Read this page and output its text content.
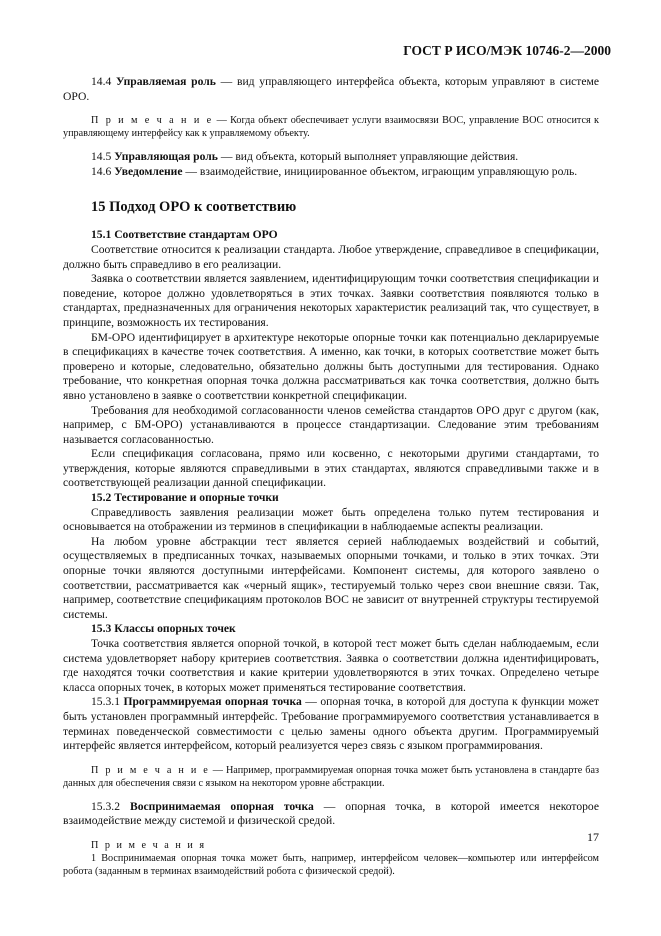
ГОСТ Р ИСО/МЭК 10746-2—2000

14.4 Управляемая роль — вид управляющего интерфейса объекта, которым управляют в системе ОРО.

П р и м е ч а н и е — Когда объект обеспечивает услуги взаимосвязи ВОС, управление ВОС относится к управляющему интерфейсу как к управляемому объекту.

14.5 Управляющая роль — вид объекта, который выполняет управляющие действия.

14.6 Уведомление — взаимодействие, инициированное объектом, играющим управляющую роль.

15 Подход ОРО к соответствию

15.1 Соответствие стандартам ОРО

Соответствие относится к реализации стандарта. Любое утверждение, справедливое в спецификации, должно быть справедливо в его реализации.

Заявка о соответствии является заявлением, идентифицирующим точки соответствия спецификации и поведение, которое должно удовлетворяться в этих точках. Заявки соответствия появляются только в стандартах, предназначенных для ограничения некоторых характеристик реализаций так, что существует, в принципе, возможность их тестирования.

БМ-ОРО идентифицирует в архитектуре некоторые опорные точки как потенциально декларируемые в спецификациях в качестве точек соответствия. А именно, как точки, в которых соответствие может быть проверено и которые, следовательно, обязательно должны быть доступными для тестирования. Однако требование, что конкретная опорная точка должна рассматриваться как точка соответствия, должно быть явно установлено в заявке о соответствии конкретной спецификации.

Требования для необходимой согласованности членов семейства стандартов ОРО друг с другом (как, например, с БМ-ОРО) устанавливаются в процессе стандартизации. Следование этим требованиям называется согласованностью.

Если спецификация согласована, прямо или косвенно, с некоторыми другими стандартами, то утверждения, которые являются справедливыми в этих стандартах, являются справедливыми также и в соответствующей реализации данной спецификации.

15.2 Тестирование и опорные точки

Справедливость заявления реализации может быть определена только путем тестирования и основывается на отображении из терминов в спецификации в наблюдаемые аспекты реализации.

На любом уровне абстракции тест является серией наблюдаемых воздействий и событий, осуществляемых в предписанных точках, называемых опорными точками, и только в этих точках. Эти опорные точки являются доступными интерфейсами. Компонент системы, для которого заявлено о соответствии, рассматривается как «черный ящик», тестируемый только через свои внешние связи. Так, например, соответствие спецификациям протоколов ВОС не зависит от внутренней структуры тестируемой системы.

15.3 Классы опорных точек

Точка соответствия является опорной точкой, в которой тест может быть сделан наблюдаемым, если система удовлетворяет набору критериев соответствия. Заявка о соответствии должна идентифицировать, где находятся точки соответствия и какие критерии удовлетворяются в этих точках. Определено четыре класса опорных точек, в которых может применяться тестирование соответствия.

15.3.1 Программируемая опорная точка — опорная точка, в которой для доступа к функции может быть установлен программный интерфейс. Требование программируемого соответствия устанавливается в терминах поведенческой совместимости с целью замены одного объекта другим. Программируемый интерфейс является интерфейсом, который реализуется через связь с языком программирования.

П р и м е ч а н и е — Например, программируемая опорная точка может быть установлена в стандарте баз данных для обеспечения связи с языком на некотором уровне абстракции.

15.3.2 Воспринимаемая опорная точка — опорная точка, в которой имеется некоторое взаимодействие между системой и физической средой.

П р и м е ч а н и я

1 Воспринимаемая опорная точка может быть, например, интерфейсом человек—компьютер или интерфейсом робота (заданным в терминах взаимодействий робота с физической средой).

17
